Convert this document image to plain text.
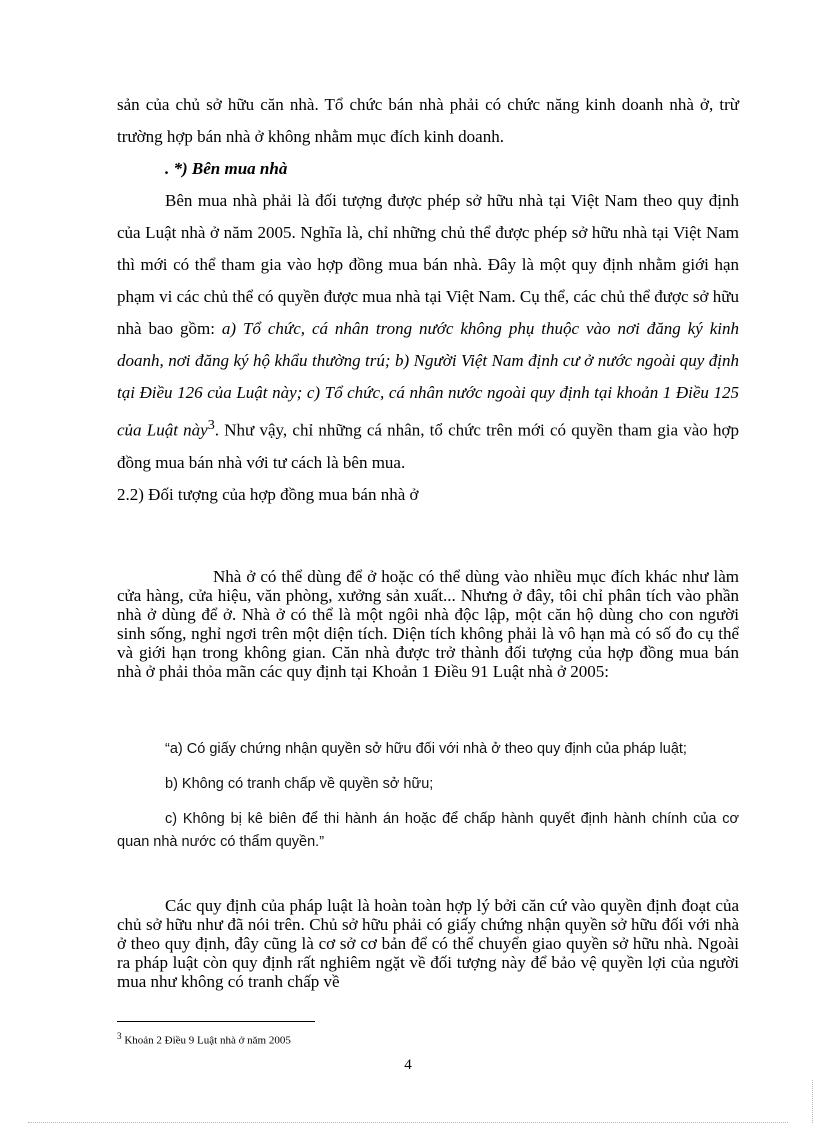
sản của chủ sở hữu căn nhà. Tổ chức bán nhà phải có chức năng kinh doanh nhà ở, trừ trường hợp bán nhà ở không nhằm mục đích kinh doanh.

. *) Bên mua nhà

Bên mua nhà phải là đối tượng được phép sở hữu nhà tại Việt Nam theo quy định của Luật nhà ở năm 2005. Nghĩa là, chỉ những chủ thể được phép sở hữu nhà tại Việt Nam thì mới có thể tham gia vào hợp đồng mua bán nhà. Đây là một quy định nhằm giới hạn phạm vi các chủ thể có quyền được mua nhà tại Việt Nam. Cụ thể, các chủ thể được sở hữu nhà bao gồm: a) Tổ chức, cá nhân trong nước không phụ thuộc vào nơi đăng ký kinh doanh, nơi đăng ký hộ khẩu thường trú; b) Người Việt Nam định cư ở nước ngoài quy định tại Điều 126 của Luật này; c) Tổ chức, cá nhân nước ngoài quy định tại khoản 1 Điều 125 của Luật này$^3$. Như vậy, chỉ những cá nhân, tổ chức trên mới có quyền tham gia vào hợp đồng mua bán nhà với tư cách là bên mua.

2.2) Đối tượng của hợp đồng mua bán nhà ở

Nhà ở có thể dùng để ở hoặc có thể dùng vào nhiều mục đích khác như làm cửa hàng, cửa hiệu, văn phòng, xưởng sản xuất... Nhưng ở đây, tôi chỉ phân tích vào phần nhà ở dùng để ở. Nhà ở có thể là một ngôi nhà độc lập, một căn hộ dùng cho con người sinh sống, nghỉ ngơi trên một diện tích. Diện tích không phải là vô hạn mà có số đo cụ thể và giới hạn trong không gian. Căn nhà được trở thành đối tượng của hợp đồng mua bán nhà ở phải thỏa mãn các quy định tại Khoản 1 Điều 91 Luật nhà ở 2005:

“a) Có giấy chứng nhận quyền sở hữu đối với nhà ở theo quy định của pháp luật;

b) Không có tranh chấp về quyền sở hữu;

c) Không bị kê biên để thi hành án hoặc để chấp hành quyết định hành chính của cơ quan nhà nước có thẩm quyền.”

Các quy định của pháp luật là hoàn toàn hợp lý bởi căn cứ vào quyền định đoạt của chủ sở hữu như đã nói trên. Chủ sở hữu phải có giấy chứng nhận quyền sở hữu đối với nhà ở theo quy định, đây cũng là cơ sở cơ bản để có thể chuyển giao quyền sở hữu nhà. Ngoài ra pháp luật còn quy định rất nghiêm ngặt về đối tượng này để bảo vệ quyền lợi của người mua như không có tranh chấp về

$^3$ Khoản 2 Điều 9 Luật nhà ở năm 2005
4
